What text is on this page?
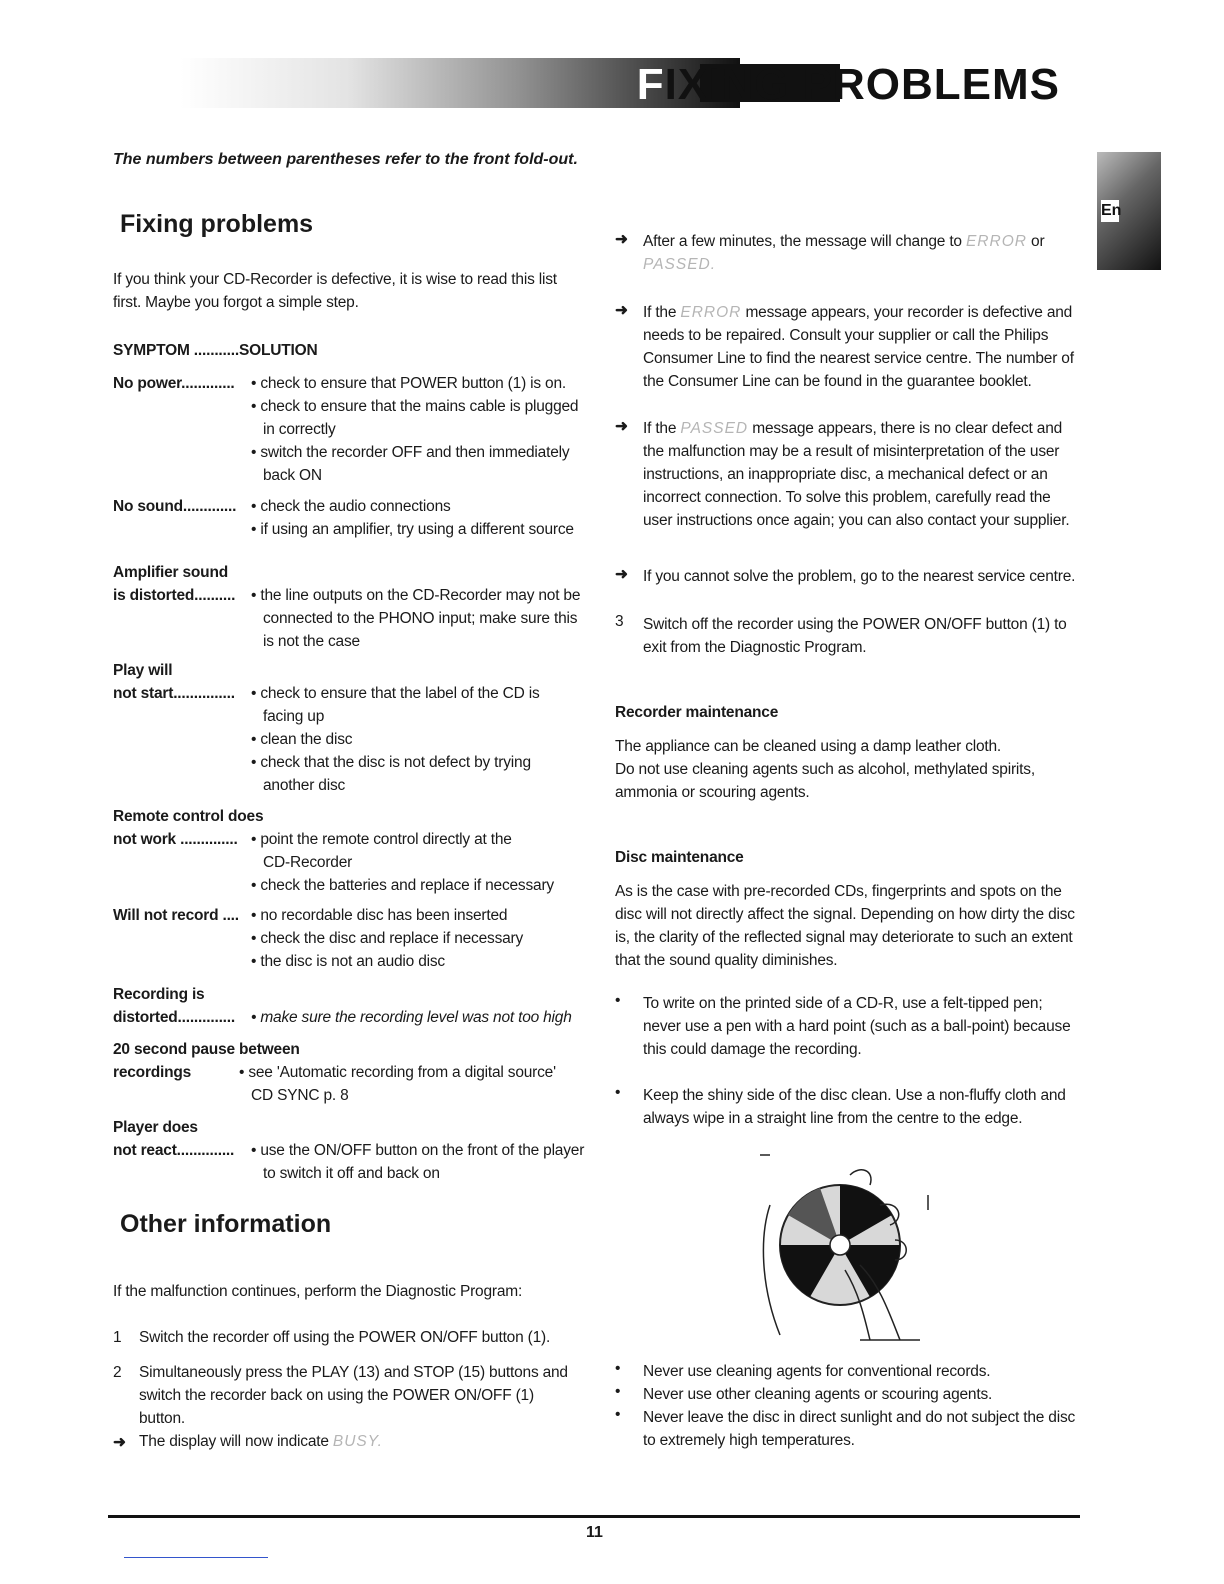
FIXING PROBLEMS
The numbers between parentheses refer to the front fold-out.
En
Fixing problems
If you think your CD-Recorder is defective, it is wise to read this list
first. Maybe you forgot a simple step.
SYMPTOM ...........SOLUTION
No power............. • check to ensure that POWER button (1) is on.
• check to ensure that the mains cable is plugged
in correctly
• switch the recorder OFF and then immediately
back ON
No sound............. • check the audio connections
• if using an amplifier, try using a different source
Amplifier sound
is distorted.......... • the line outputs on the CD-Recorder may not be
connected to the PHONO input; make sure this
is not the case
Play will
not start............... • check to ensure that the label of the CD is
facing up
• clean the disc
• check that the disc is not defect by trying
another disc
Remote control does
not work .............. • point the remote control directly at the
CD-Recorder
• check the batteries and replace if necessary
Will not record .... • no recordable disc has been inserted
• check the disc and replace if necessary
• the disc is not an audio disc
Recording is
distorted.............. • make sure the recording level was not too high
20 second pause between
recordings	• see 'Automatic recording from a digital source'
CD SYNC p. 8
Player does
not react.............. • use the ON/OFF button on the front of the player
to switch it off and back on
Other information
If the malfunction continues, perform the Diagnostic Program:
1 Switch the recorder off using the POWER ON/OFF button (1).
2 Simultaneously press the PLAY (13) and STOP (15) buttons and
switch the recorder back on using the POWER ON/OFF (1)
button.
➜ The display will now indicate BUSY.
➜ After a few minutes, the message will change to ERROR or
PASSED.
➜ If the ERROR message appears, your recorder is defective and
needs to be repaired. Consult your supplier or call the Philips
Consumer Line to find the nearest service centre. The number of
the Consumer Line can be found in the guarantee booklet.
➜ If the PASSED message appears, there is no clear defect and
the malfunction may be a result of misinterpretation of the user
instructions, an inappropriate disc, a mechanical defect or an
incorrect connection. To solve this problem, carefully read the
user instructions once again; you can also contact your supplier.
➜ If you cannot solve the problem, go to the nearest service centre.
3 Switch off the recorder using the POWER ON/OFF button (1) to
exit from the Diagnostic Program.
Recorder maintenance
The appliance can be cleaned using a damp leather cloth.
Do not use cleaning agents such as alcohol, methylated spirits,
ammonia or scouring agents.
Disc maintenance
As is the case with pre-recorded CDs, fingerprints and spots on the
disc will not directly affect the signal. Depending on how dirty the disc
is, the clarity of the reflected signal may deteriorate to such an extent
that the sound quality diminishes.
• To write on the printed side of a CD-R, use a felt-tipped pen;
never use a pen with a hard point (such as a ball-point) because
this could damage the recording.
• Keep the shiny side of the disc clean. Use a non-fluffy cloth and
always wipe in a straight line from the centre to the edge.
• Never use cleaning agents for conventional records.
• Never use other cleaning agents or scouring agents.
• Never leave the disc in direct sunlight and do not subject the disc
to extremely high temperatures.
11
